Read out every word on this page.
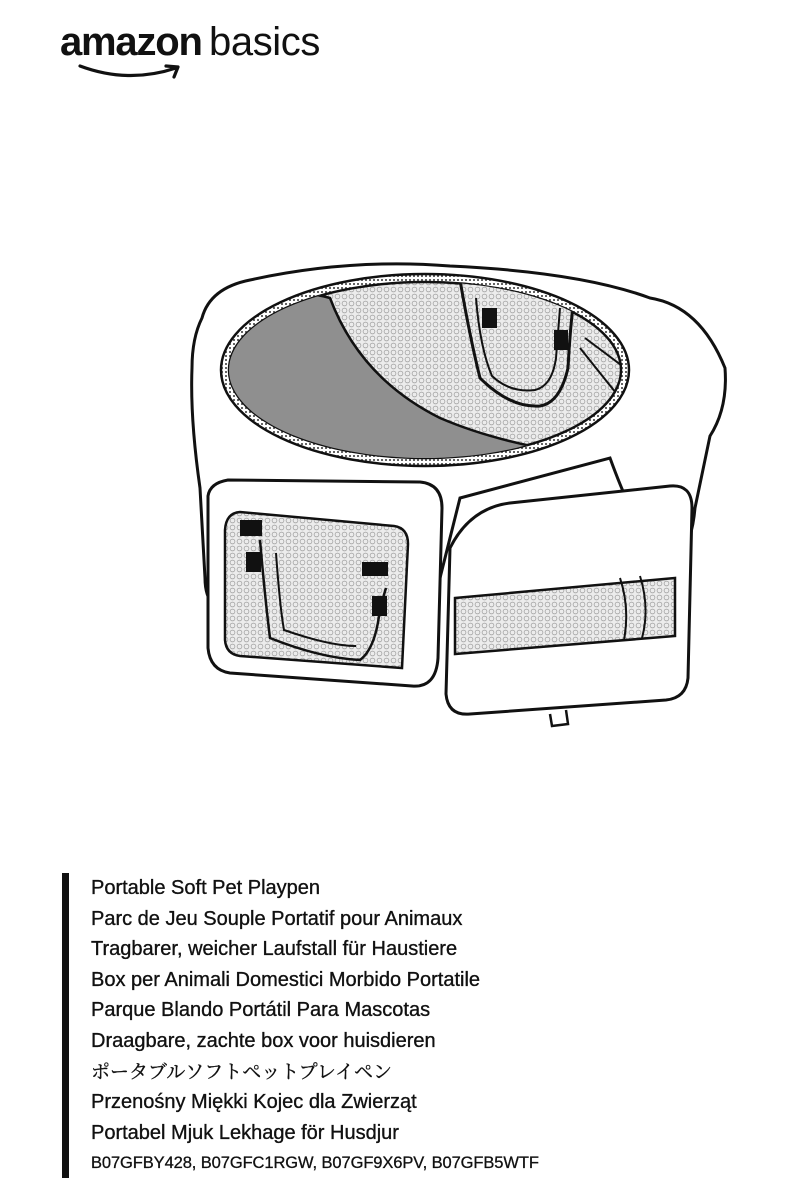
amazon basics
Portable Soft Pet Playpen
Parc de Jeu Souple Portatif pour Animaux
Tragbarer, weicher Laufstall für Haustiere
Box per Animali Domestici Morbido Portatile
Parque Blando Portátil Para Mascotas
Draagbare, zachte box voor huisdieren
ポータブルソフトペットプレイペン
Przenośny Miękki Kojec dla Zwierząt
Portabel Mjuk Lekhage för Husdjur
B07GFBY428, B07GFC1RGW, B07GF9X6PV, B07GFB5WTF
